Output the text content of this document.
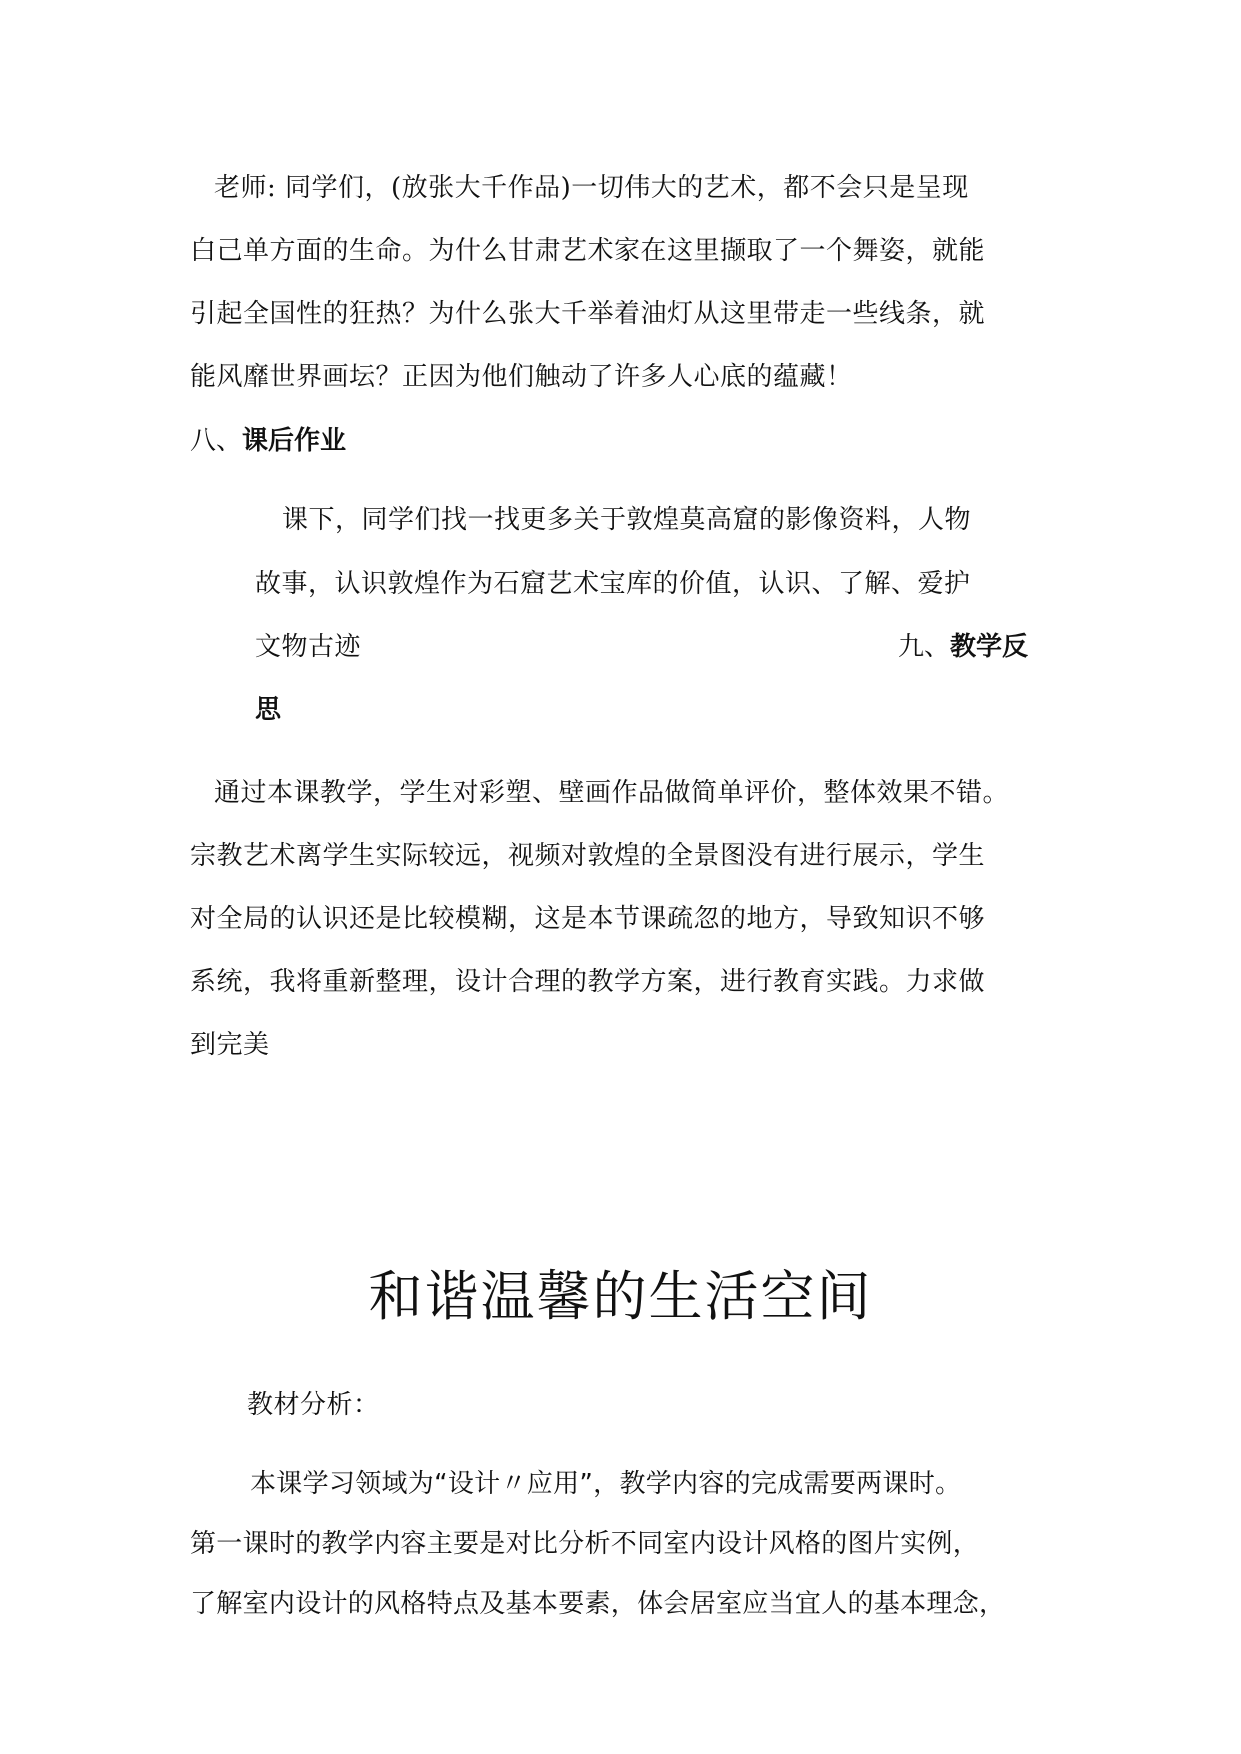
老师: 同学们，(放张大千作品)一切伟大的艺术，都不会只是呈现
白己单方面的生命。为什么甘肃艺术家在这里撷取了一个舞姿，就能
引起全国性的狂热？为什么张大千举着油灯从这里带走一些线条，就
能风靡世界画坛？正因为他们触动了许多人心底的蕴藏！
八、课后作业
课下，同学们找一找更多关于敦煌莫高窟的影像资料，人物
故事，认识敦煌作为石窟艺术宝库的价值，认识、了解、爱护
文物古迹	九、教学反
思
通过本课教学，学生对彩塑、壁画作品做简单评价，整体效果不错。
宗教艺术离学生实际较远，视频对敦煌的全景图没有进行展示，学生
对全局的认识还是比较模糊，这是本节课疏忽的地方，导致知识不够
系统，我将重新整理，设计合理的教学方案，进行教育实践。力求做
到完美
和谐温馨的生活空间
教材分析：
本课学习领域为“设计〃应用”，教学内容的完成需要两课时。
第一课时的教学内容主要是对比分析不同室内设计风格的图片实例，
了解室内设计的风格特点及基本要素，体会居室应当宜人的基本理念，
